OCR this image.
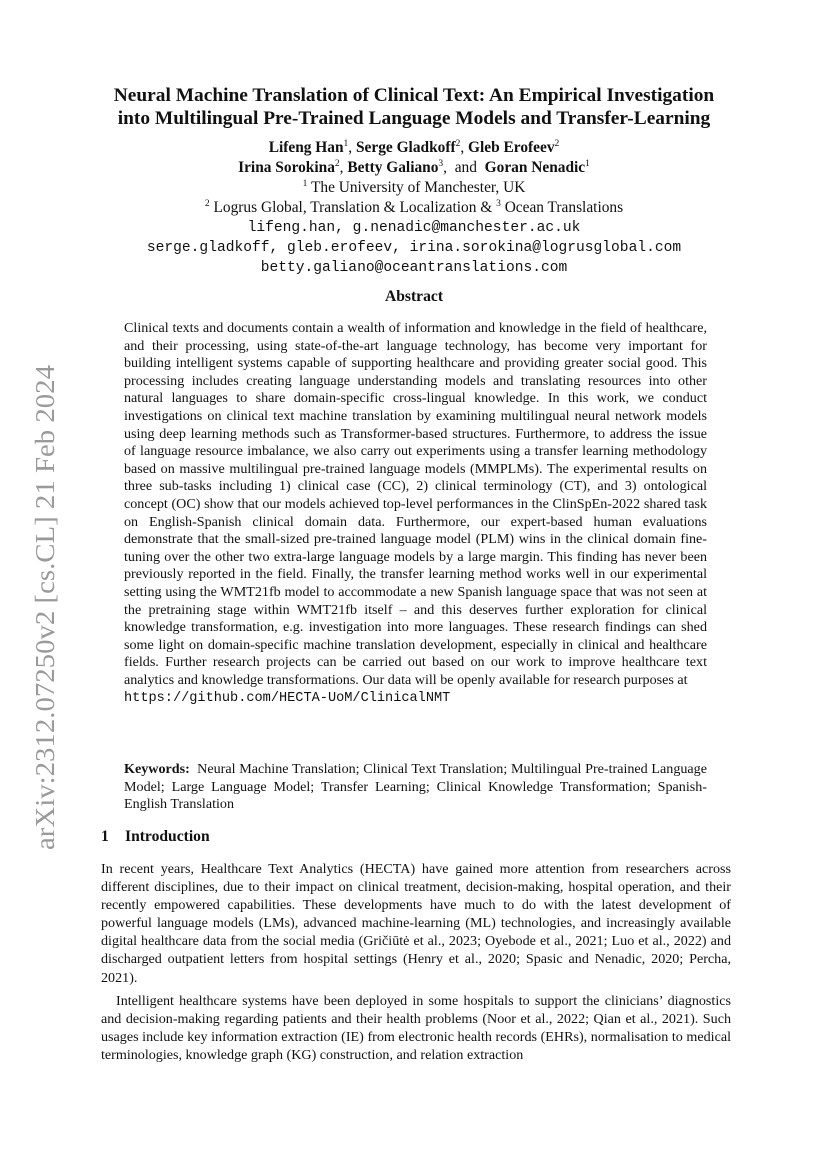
arXiv:2312.07250v2 [cs.CL] 21 Feb 2024
Neural Machine Translation of Clinical Text: An Empirical Investigation
into Multilingual Pre-Trained Language Models and Transfer-Learning
Lifeng Han$^1$, Serge Gladkoff$^2$, Gleb Erofeev$^2$
Irina Sorokina$^2$, Betty Galiano$^3$,  and Goran Nenadic$^1$
$^1$ The University of Manchester, UK
$^2$ Logrus Global, Translation & Localization & $^3$ Ocean Translations
lifeng.han, g.nenadic@manchester.ac.uk
serge.gladkoff, gleb.erofeev, irina.sorokina@logrusglobal.com
betty.galiano@oceantranslations.com
Abstract

Clinical texts and documents contain a wealth of information and knowledge in the field of healthcare, and their processing, using state-of-the-art language technology, has become very important for building intelligent systems capable of supporting healthcare and providing greater social good. This processing includes creating language understanding models and translating resources into other natural languages to share domain-specific cross-lingual knowledge. In this work, we conduct investigations on clinical text machine translation by examining multilingual neural network models using deep learning methods such as Transformer-based structures. Furthermore, to address the issue of language resource imbalance, we also carry out experiments using a transfer learning methodology based on massive multilingual pre-trained language models (MMPLMs). The experimental results on three sub-tasks including 1) clinical case (CC), 2) clinical terminology (CT), and 3) ontological concept (OC) show that our models achieved top-level performances in the ClinSpEn-2022 shared task on English-Spanish clinical domain data. Furthermore, our expert-based human evaluations demonstrate that the small-sized pre-trained language model (PLM) wins in the clinical domain fine-tuning over the other two extra-large language models by a large margin. This finding has never been previously reported in the field. Finally, the transfer learning method works well in our experimental setting using the WMT21fb model to accommodate a new Spanish language space that was not seen at the pretraining stage within WMT21fb itself – and this deserves further exploration for clinical knowledge transformation, e.g. investigation into more languages. These research findings can shed some light on domain-specific machine translation development, especially in clinical and healthcare fields. Further research projects can be carried out based on our work to improve healthcare text analytics and knowledge transformations. Our data will be openly available for research purposes at
https://github.com/HECTA-UoM/ClinicalNMT

Keywords: Neural Machine Translation; Clinical Text Translation; Multilingual Pre-trained Language Model; Large Language Model; Transfer Learning; Clinical Knowledge Transformation; Spanish-English Translation

1 Introduction

In recent years, Healthcare Text Analytics (HECTA) have gained more attention from researchers across different disciplines, due to their impact on clinical treatment, decision-making, hospital operation, and their recently empowered capabilities. These developments have much to do with the latest development of powerful language models (LMs), advanced machine-learning (ML) technologies, and increasingly available digital healthcare data from the social media (Gričiūtė et al., 2023; Oyebode et al., 2021; Luo et al., 2022) and discharged outpatient letters from hospital settings (Henry et al., 2020; Spasic and Nenadic, 2020; Percha, 2021).

Intelligent healthcare systems have been deployed in some hospitals to support the clinicians’ diagnostics and decision-making regarding patients and their health problems (Noor et al., 2022; Qian et al., 2021). Such usages include key information extraction (IE) from electronic health records (EHRs), normalisation to medical terminologies, knowledge graph (KG) construction, and relation extraction
